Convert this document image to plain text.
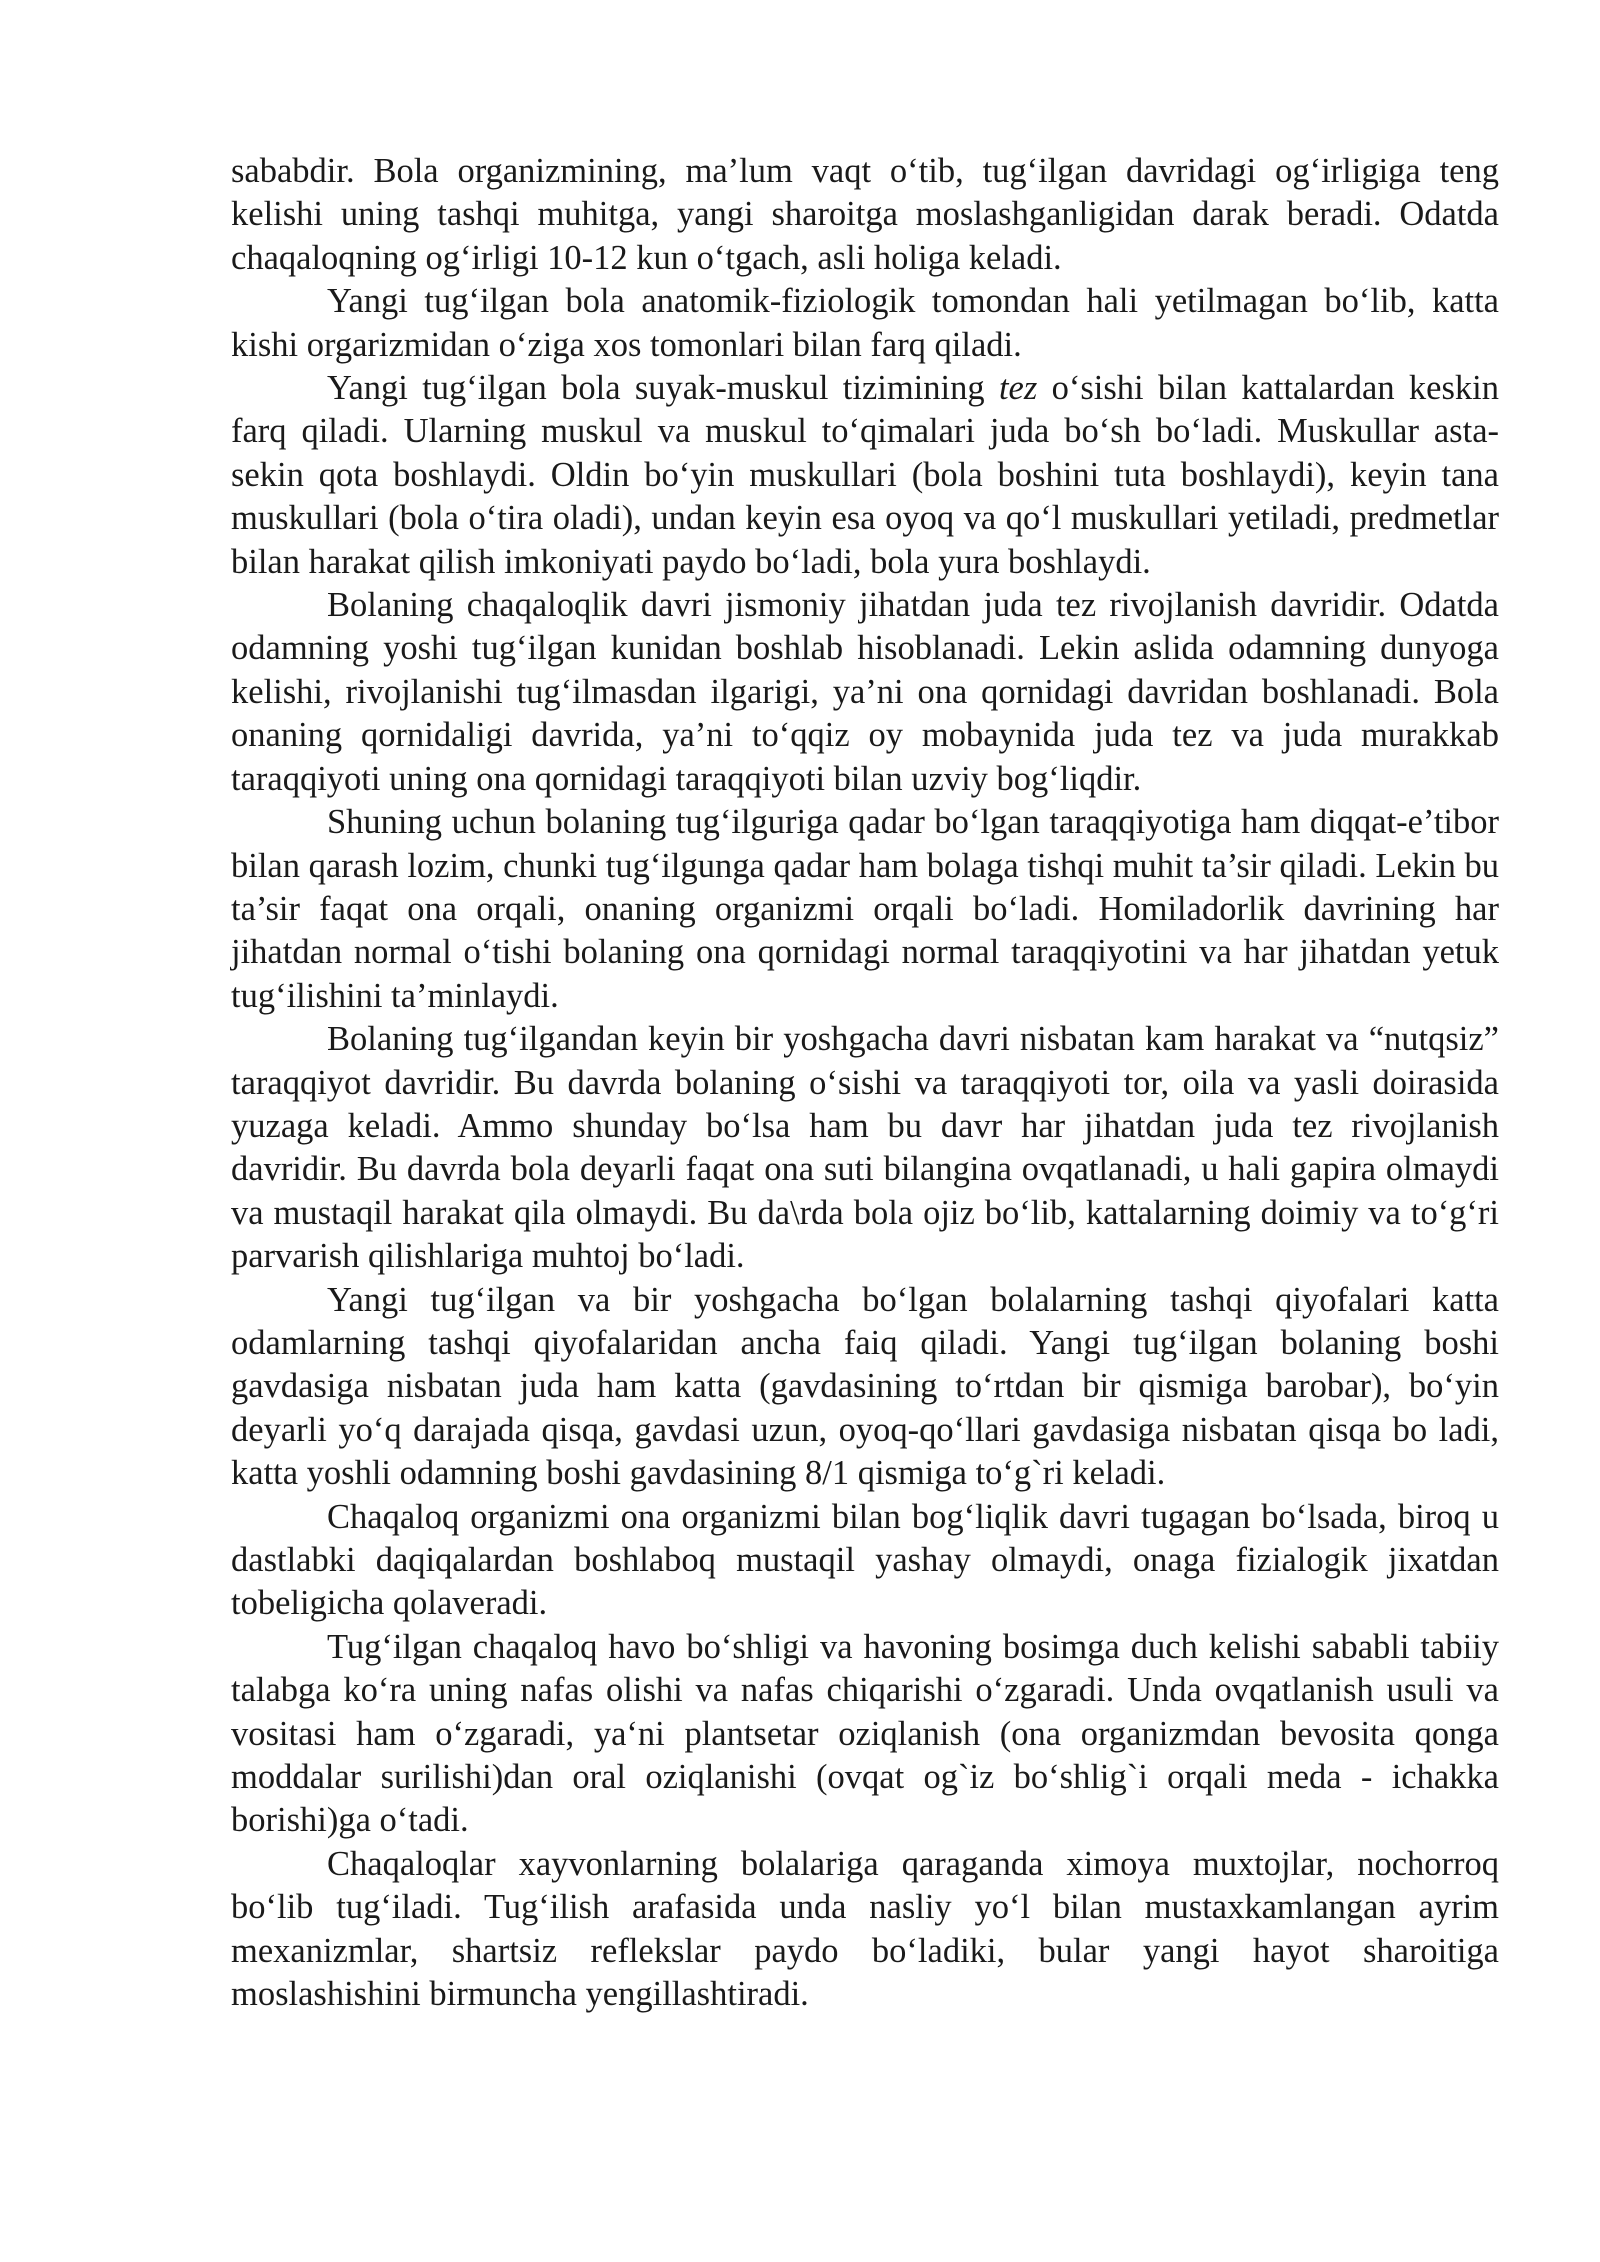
sababdir. Bola organizmining, ma’lum vaqt o‘tib, tug‘ilgan davridagi og‘irligiga teng kelishi uning tashqi muhitga, yangi sharoitga moslashganligidan darak beradi. Odatda chaqaloqning og‘irligi 10-12 kun o‘tgach, asli holiga keladi.

Yangi tug‘ilgan bola anatomik-fiziologik tomondan hali yetilmagan bo‘lib, katta kishi orgarizmidan o‘ziga xos tomonlari bilan farq qiladi.

Yangi tug‘ilgan bola suyak-muskul tizimining tez o‘sishi bilan kattalardan keskin farq qiladi. Ularning muskul va muskul to‘qimalari juda bo‘sh bo‘ladi. Muskullar asta-sekin qota boshlaydi. Oldin bo‘yin muskullari (bola boshini tuta boshlaydi), keyin tana muskullari (bola o‘tira oladi), undan keyin esa oyoq va qo‘l muskullari yetiladi, predmetlar bilan harakat qilish imkoniyati paydo bo‘ladi, bola yura boshlaydi.

Bolaning chaqaloqlik davri jismoniy jihatdan juda tez rivojlanish davridir. Odatda odamning yoshi tug‘ilgan kunidan boshlab hisoblanadi. Lekin aslida odamning dunyoga kelishi, rivojlanishi tug‘ilmasdan ilgarigi, ya’ni ona qornidagi davridan boshlanadi. Bola onaning qornidaligi davrida, ya’ni to‘qqiz oy mobaynida juda tez va juda murakkab taraqqiyoti uning ona qornidagi taraqqiyoti bilan uzviy bog‘liqdir.

Shuning uchun bolaning tug‘ilguriga qadar bo‘lgan taraqqiyotiga ham diqqat-e’tibor bilan qarash lozim, chunki tug‘ilgunga qadar ham bolaga tishqi muhit ta’sir qiladi. Lekin bu ta’sir faqat ona orqali, onaning organizmi orqali bo‘ladi. Homiladorlik davrining har jihatdan normal o‘tishi bolaning ona qornidagi normal taraqqiyotini va har jihatdan yetuk tug‘ilishini ta’minlaydi.

Bolaning tug‘ilgandan keyin bir yoshgacha davri nisbatan kam harakat va “nutqsiz” taraqqiyot davridir. Bu davrda bolaning o‘sishi va taraqqiyoti tor, oila va yasli doirasida yuzaga keladi. Ammo shunday bo‘lsa ham bu davr har jihatdan juda tez rivojlanish davridir. Bu davrda bola deyarli faqat ona suti bilangina ovqatlanadi, u hali gapira olmaydi va mustaqil harakat qila olmaydi. Bu da\rda bola ojiz bo‘lib, kattalarning doimiy va to‘g‘ri parvarish qilishlariga muhtoj bo‘ladi.

Yangi tug‘ilgan va bir yoshgacha bo‘lgan bolalarning tashqi qiyofalari katta odamlarning tashqi qiyofalaridan ancha faiq qiladi. Yangi tug‘ilgan bolaning boshi gavdasiga nisbatan juda ham katta (gavdasining to‘rtdan bir qismiga barobar), bo‘yin deyarli yo‘q darajada qisqa, gavdasi uzun, oyoq-qo‘llari gavdasiga nisbatan qisqa bo ladi, katta yoshli odamning boshi gavdasining 8/1 qismiga to‘g`ri keladi.

Chaqaloq organizmi ona organizmi bilan bog‘liqlik davri tugagan bo‘lsada, biroq u dastlabki daqiqalardan boshlaboq mustaqil yashay olmaydi, onaga fizialogik jixatdan tobeligicha qolaveradi.

Tug‘ilgan chaqaloq havo bo‘shligi va havoning bosimga duch kelishi sababli tabiiy talabga ko‘ra uning nafas olishi va nafas chiqarishi o‘zgaradi. Unda ovqatlanish usuli va vositasi ham o‘zgaradi, ya‘ni plantsetar oziqlanish (ona organizmdan bevosita qonga moddalar surilishi)dan oral oziqlanishi (ovqat og`iz bo‘shlig`i orqali meda - ichakka borishi)ga o‘tadi.

Chaqaloqlar xayvonlarning bolalariga qaraganda ximoya muxtojlar, nochorroq bo‘lib tug‘iladi. Tug‘ilish arafasida unda nasliy yo‘l bilan mustaxkamlangan ayrim mexanizmlar, shartsiz reflekslar paydo bo‘ladiki, bular yangi hayot sharoitiga moslashishini birmuncha yengillashtiradi.
